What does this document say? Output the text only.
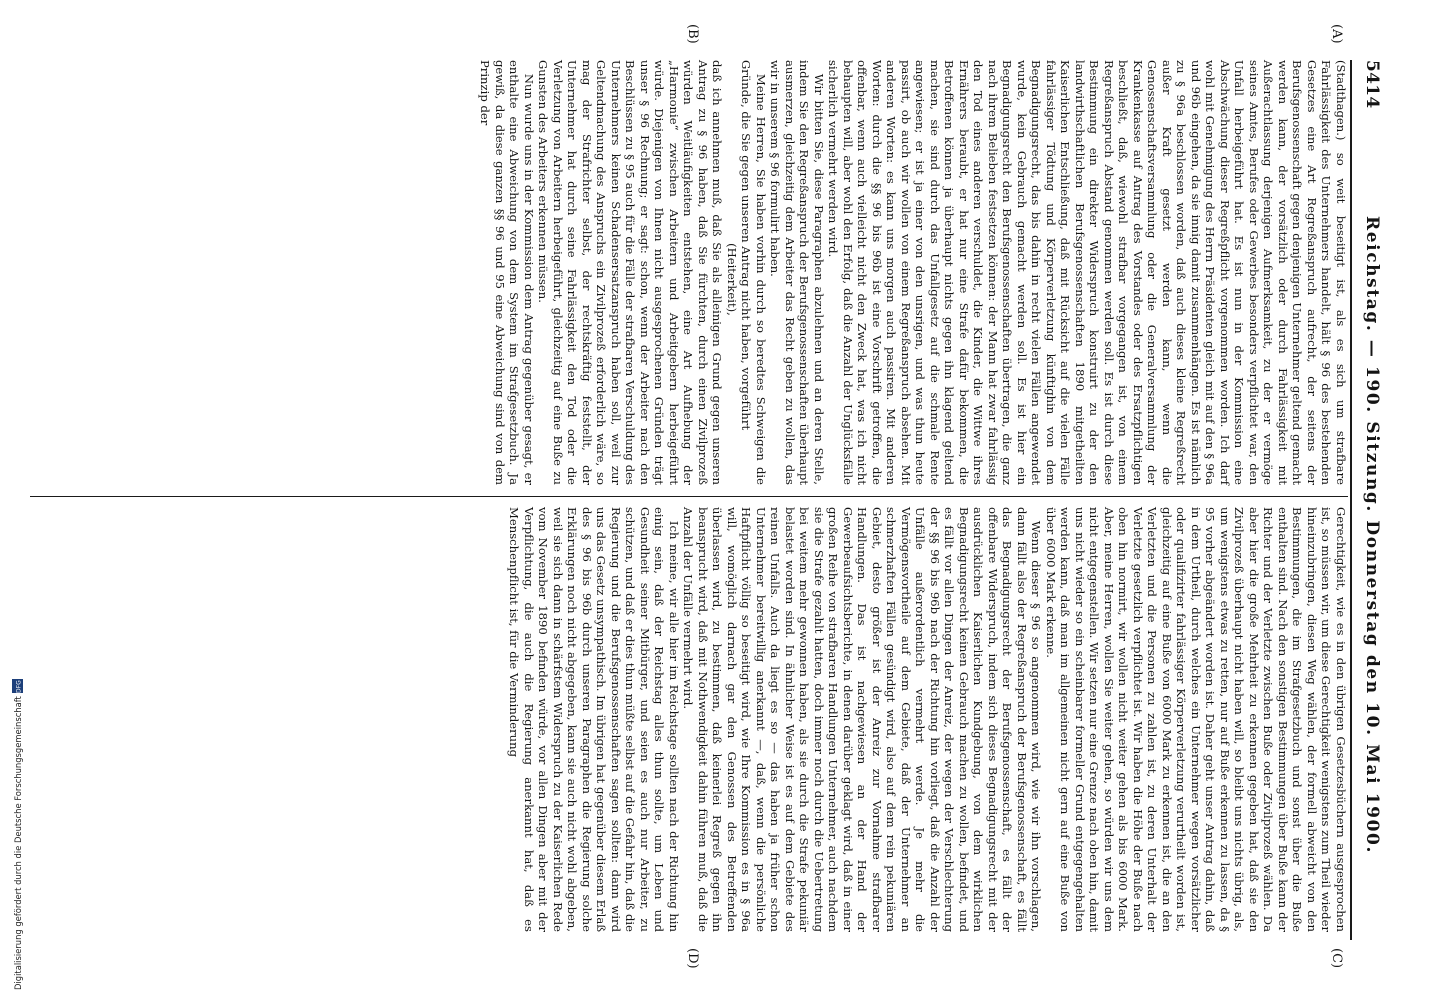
5414
Reichstag. — 190. Sitzung. Donnerstag den 10. Mai 1900.
(A)
(B)
(C)
(D)

(Stadthagen.) so weit beseitigt ist, als es sich um strafbare Fahrlässigkeit des Unternehmers handelt, hält § 96 des bestehenden Gesetzes eine Art Regreßanspruch aufrecht, der seitens der Berufsgenossenschaft gegen denjenigen Unternehmer geltend gemacht werden kann, der vorsätzlich oder durch Fahrlässigkeit mit Außerachtlassung derjenigen Aufmerksamkeit, zu der er vermöge seines Amtes, Berufes oder Gewerbes besonders verpflichtet war, den Unfall herbeigeführt hat. Es ist nun in der Kommission eine Abschwächung dieser Regreßpflicht vorgenommen worden. Ich darf wohl mit Genehmigung des Herrn Präsidenten gleich mit auf den § 96a und 96b eingehen, da sie innig damit zusammenhängen. Es ist nämlich zu § 96a beschlossen worden, daß auch dieses kleine Regreßrecht außer Kraft gesetzt werden kann, wenn die Genossenschaftsversammlung oder die Generalversammlung der Krankenkasse auf Antrag des Vorstandes oder des Ersatzpflichtigen beschließt, daß, wiewohl strafbar vorgegangen ist, von einem Regreßanspruch Abstand genommen werden soll. Es ist durch diese Bestimmung ein direkter Widerspruch konstruirt zu der den landwirthschaftlichen Berufsgenossenschaften 1890 mitgetheilten Kaiserlichen Entschließung, daß mit Rücksicht auf die vielen Fälle fahrlässiger Tödtung und Körperverletzung künftighin von dem Begnadigungsrecht, das bis dahin in recht vielen Fällen angewendet wurde, kein Gebrauch gemacht werden soll. Es ist hier ein Begnadigungsrecht den Berufsgenossenschaften übertragen, die ganz nach ihrem Belieben festsetzen können: der Mann hat zwar fahrlässig den Tod eines anderen verschuldet, die Kinder, die Wittwe ihres Ernährers beraubt, er hat nur eine Strafe dafür bekommen, die Betroffenen können ja überhaupt nichts gegen ihn klagend geltend machen, sie sind durch das Unfallgesetz auf die schmale Rente angewiesen; er ist ja einer von den unsrigen, und was thun heute passirt, ob auch wir wollen von einem Regreßanspruch absehen. Mit anderen Worten: es kann uns morgen auch passiren. Mit anderen Worten: durch die §§ 96 bis 96b ist eine Vorschrift getroffen, die offenbar, wenn auch vielleicht nicht den Zweck hat, was ich nicht behaupten will, aber wohl den Erfolg, daß die Anzahl der Unglücksfälle sicherlich vermehrt werden wird.

Wir bitten Sie, diese Paragraphen abzulehnen und an deren Stelle, indem Sie den Regreßanspruch der Berufsgenossenschaften überhaupt ausmerzen, gleichzeitig dem Arbeiter das Recht geben zu wollen, das wir in unserem § 96 formulirt haben.

Meine Herren, Sie haben vorhin durch so beredtes Schweigen die Gründe, die Sie gegen unseren Antrag nicht haben, vorgeführt

(Heiterkeit),

daß ich annehmen muß, daß Sie als alleinigen Grund gegen unseren Antrag zu § 96 haben, daß Sie fürchten, durch einen Zivilprozeß würden Weitläufigkeiten entstehen, eine Art Aufhebung der „Harmonie“ zwischen Arbeitern und Arbeitgebern herbeigeführt würde. Diejenigen von Ihnen nicht ausgesprochenen Gründen trägt unser § 96 Rechnung; er sagt: schon, wenn der Arbeiter nach den Beschlüssen zu § 95 auch für die Fälle der strafbaren Verschuldung des Unternehmers keinen Schadensersatzanspruch haben soll, weil zur Geltendmachung des Anspruchs ein Zivilprozeß erforderlich wäre, so mag der Strafrichter selbst, der rechtskräftig feststellt, der Unternehmer hat durch seine Fahrlässigkeit den Tod oder die Verletzung von Arbeitern herbeigeführt, gleichzeitig auf eine Buße zu Gunsten des Arbeiters erkennen müssen.

Nun wurde uns in der Kommission dem Antrag gegenüber gesagt, er enthalte eine Abweichung von dem System im Strafgesetzbuch. Ja gewiß, da diese ganzen §§ 96 und 95 eine Abweichung sind von dem Prinzip der

Gerechtigkeit, wie es in den übrigen Gesetzesbüchern ausgesprochen ist, so müssen wir, um diese Gerechtigkeit wenigstens zum Theil wieder hineinzubringen, diesen Weg wählen, der formell abweicht von den Bestimmungen, die im Strafgesetzbuch und sonst über die Buße enthalten sind. Nach den sonstigen Bestimmungen über Buße kann der Richter und der Verletzte zwischen Buße oder Zivilprozeß wählen. Da aber hier die große Mehrheit zu erkennen gegeben hat, daß sie den Zivilprozeß überhaupt nicht haben will, so bleibt uns nichts übrig, als, um wenigstens etwas zu retten, nur auf Buße erkennen zu lassen, da § 95 vorher abgeändert worden ist. Daher geht unser Antrag dahin, daß in dem Urtheil, durch welches ein Unternehmer wegen vorsätzlicher oder qualifizirter fahrlässiger Körperverletzung verurtheilt worden ist, gleichzeitig auf eine Buße von 6000 Mark zu erkennen ist, die an den Verletzten und die Personen zu zahlen ist, zu deren Unterhalt der Verletzte gesetzlich verpflichtet ist. Wir haben die Höhe der Buße nach oben hin normirt, wir wollen nicht weiter gehen als bis 6000 Mark. Aber, meine Herren, wollen Sie weiter gehen, so würden wir uns dem nicht entgegenstellen. Wir setzen nur eine Grenze nach oben hin, damit uns nicht wieder so ein scheinbarer formeller Grund entgegengehalten werden kann, daß man im allgemeinen nicht gern auf eine Buße von über 6000 Mark erkenne.

Wenn dieser § 96 so angenommen wird, wie wir ihn vorschlagen, dann fällt also der Regreßanspruch der Berufsgenossenschaft, es fällt das Begnadigungsrecht der Berufsgenossenschaft, es fällt der offenbare Widerspruch, indem sich dieses Begnadigungsrecht mit der ausdrücklichen Kaiserlichen Kundgebung, von dem wirklichen Begnadigungsrecht keinen Gebrauch machen zu wollen, befindet, und es fällt vor allen Dingen der Anreiz, der wegen der Verschlechterung der §§ 96 bis 96b nach der Richtung hin vorliegt, daß die Anzahl der Unfälle außerordentlich vermehrt werde. Je mehr die Vermögensvortheile auf dem Gebiete, daß der Unternehmer an schmerzhaften Fällen gesündigt wird, also auf dem rein pekuniären Gebiet, desto größer ist der Anreiz zur Vornahme strafbarer Handlungen. Das ist nachgewiesen an der Hand der Gewerbeaufsichtsberichte, in denen darüber geklagt wird, daß in einer großen Reihe von strafbaren Handlungen Unternehmer, auch nachdem sie die Strafe gezahlt hatten, doch immer noch durch die Uebertretung bei weitem mehr gewonnen haben, als sie durch die Strafe pekuniär belastet worden sind. In ähnlicher Weise ist es auf dem Gebiete des reinen Unfalls. Auch da liegt es so — das haben ja früher schon Unternehmer bereitwillig anerkannt —, daß, wenn die persönliche Haftpflicht völlig so beseitigt wird, wie Ihre Kommission es in § 96a will, womöglich darnach gar den Genossen des Betreffenden überlassen wird, zu bestimmen, daß keinerlei Regreß gegen ihn beansprucht wird, daß mit Nothwendigkeit dahin führen muß, daß die Anzahl der Unfälle vermehrt wird.

Ich meine, wir alle hier im Reichstage sollten nach der Richtung hin einig sein, daß der Reichstag alles thun sollte, um Leben und Gesundheit seiner Mitbürger, und seien es auch nur Arbeiter, zu schützen, und daß er dies thun müßte selbst auf die Gefahr hin, daß die Regierung und die Berufsgenossenschaften sagen sollten: dann wird uns das Gesetz unsympathisch. Im übrigen hat gegenüber diesem Erlaß des § 96 bis 96b durch unseren Paragraphen die Regierung solche Erklärungen noch nicht abgegeben, kann sie auch nicht wohl abgeben, weil sie sich dann in schärfstem Widerspruch zu der Kaiserlichen Rede vom November 1890 befinden würde, vor allen Dingen aber mit der Verpflichtung, die auch die Regierung anerkannt hat, daß es Menschenpflicht ist, für die Verminderung

Digitalisierung gefördert durch die Deutsche Forschungsgemeinschaft
DFG
